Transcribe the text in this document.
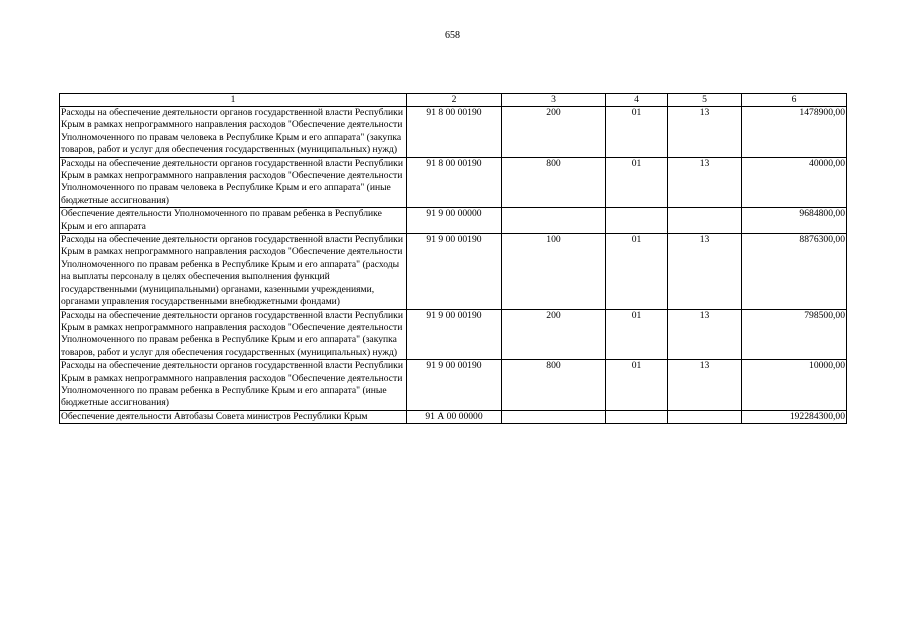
658
1	2	3	4	5	6
Расходы на обеспечение деятельности органов государственной власти Республики Крым в рамках непрограммного направления расходов "Обеспечение деятельности Уполномоченного по правам человека в Республике Крым и его аппарата" (закупка товаров, работ и услуг для обеспечения государственных (муниципальных) нужд)	91 8 00 00190	200	01	13	1478900,00
Расходы на обеспечение деятельности органов государственной власти Республики Крым в рамках непрограммного направления расходов "Обеспечение деятельности Уполномоченного по правам человека в Республике Крым и его аппарата" (иные бюджетные ассигнования)	91 8 00 00190	800	01	13	40000,00
Обеспечение деятельности Уполномоченного по правам ребенка в Республике Крым и его аппарата	91 9 00 00000				9684800,00
Расходы на обеспечение деятельности органов государственной власти Республики Крым в рамках непрограммного направления расходов "Обеспечение деятельности Уполномоченного по правам ребенка в Республике Крым и его аппарата" (расходы на выплаты персоналу в целях обеспечения выполнения функций государственными (муниципальными) органами, казенными учреждениями, органами управления государственными внебюджетными фондами)	91 9 00 00190	100	01	13	8876300,00
Расходы на обеспечение деятельности органов государственной власти Республики Крым в рамках непрограммного направления расходов "Обеспечение деятельности Уполномоченного по правам ребенка в Республике Крым и его аппарата" (закупка товаров, работ и услуг для обеспечения государственных (муниципальных) нужд)	91 9 00 00190	200	01	13	798500,00
Расходы на обеспечение деятельности органов государственной власти Республики Крым в рамках непрограммного направления расходов "Обеспечение деятельности Уполномоченного по правам ребенка в Республике Крым и его аппарата" (иные бюджетные ассигнования)	91 9 00 00190	800	01	13	10000,00
Обеспечение деятельности Автобазы Совета министров Республики Крым	91 А 00 00000				192284300,00
